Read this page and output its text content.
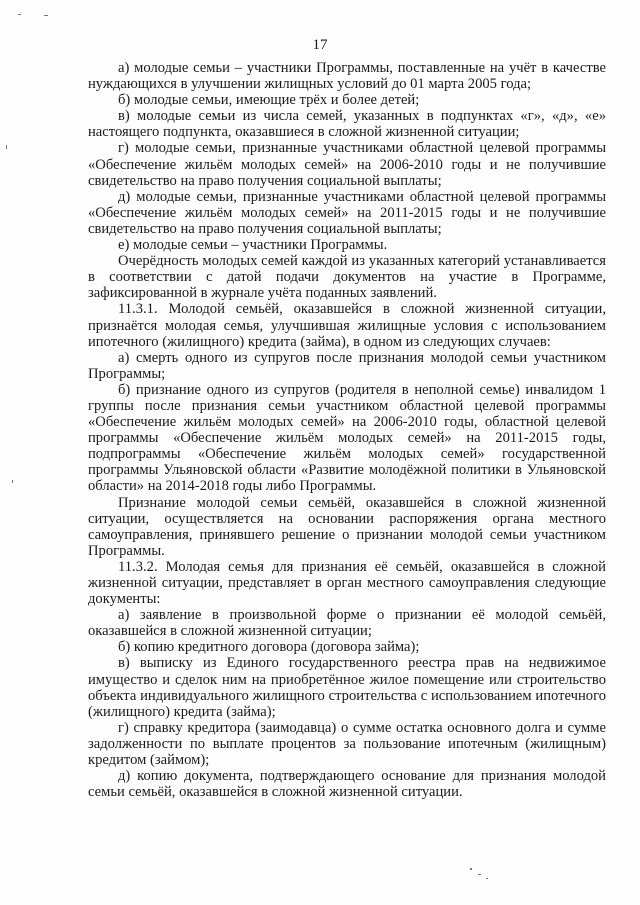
17

а) молодые семьи – участники Программы, поставленные на учёт в качестве нуждающихся в улучшении жилищных условий до 01 марта 2005 года;

б) молодые семьи, имеющие трёх и более детей;

в) молодые семьи из числа семей, указанных в подпунктах «г», «д», «е» настоящего подпункта, оказавшиеся в сложной жизненной ситуации;

г) молодые семьи, признанные участниками областной целевой программы «Обеспечение жильём молодых семей» на 2006-2010 годы и не получившие свидетельство на право получения социальной выплаты;

д) молодые семьи, признанные участниками областной целевой программы «Обеспечение жильём молодых семей» на 2011-2015 годы и не получившие свидетельство на право получения социальной выплаты;

е) молодые семьи – участники Программы.

Очерёдность молодых семей каждой из указанных категорий устанавливается в соответствии с датой подачи документов на участие в Программе, зафиксированной в журнале учёта поданных заявлений.

11.3.1. Молодой семьёй, оказавшейся в сложной жизненной ситуации, признаётся молодая семья, улучшившая жилищные условия с использованием ипотечного (жилищного) кредита (займа), в одном из следующих случаев:

а) смерть одного из супругов после признания молодой семьи участником Программы;

б) признание одного из супругов (родителя в неполной семье) инвалидом 1 группы после признания семьи участником областной целевой программы «Обеспечение жильём молодых семей» на 2006-2010 годы, областной целевой программы «Обеспечение жильём молодых семей» на 2011-2015 годы, подпрограммы «Обеспечение жильём молодых семей» государственной программы Ульяновской области «Развитие молодёжной политики в Ульяновской области» на 2014-2018 годы либо Программы.

Признание молодой семьи семьёй, оказавшейся в сложной жизненной ситуации, осуществляется на основании распоряжения органа местного самоуправления, принявшего решение о признании молодой семьи участником Программы.

11.3.2. Молодая семья для признания её семьёй, оказавшейся в сложной жизненной ситуации, представляет в орган местного самоуправления следующие документы:

а) заявление в произвольной форме о признании её молодой семьёй, оказавшейся в сложной жизненной ситуации;

б) копию кредитного договора (договора займа);

в) выписку из Единого государственного реестра прав на недвижимое имущество и сделок ним на приобретённое жилое помещение или строительство объекта индивидуального жилищного строительства с использованием ипотечного (жилищного) кредита (займа);

г) справку кредитора (заимодавца) о сумме остатка основного долга и сумме задолженности по выплате процентов за пользование ипотечным (жилищным) кредитом (займом);

д) копию документа, подтверждающего основание для признания молодой семьи семьёй, оказавшейся в сложной жизненной ситуации.
